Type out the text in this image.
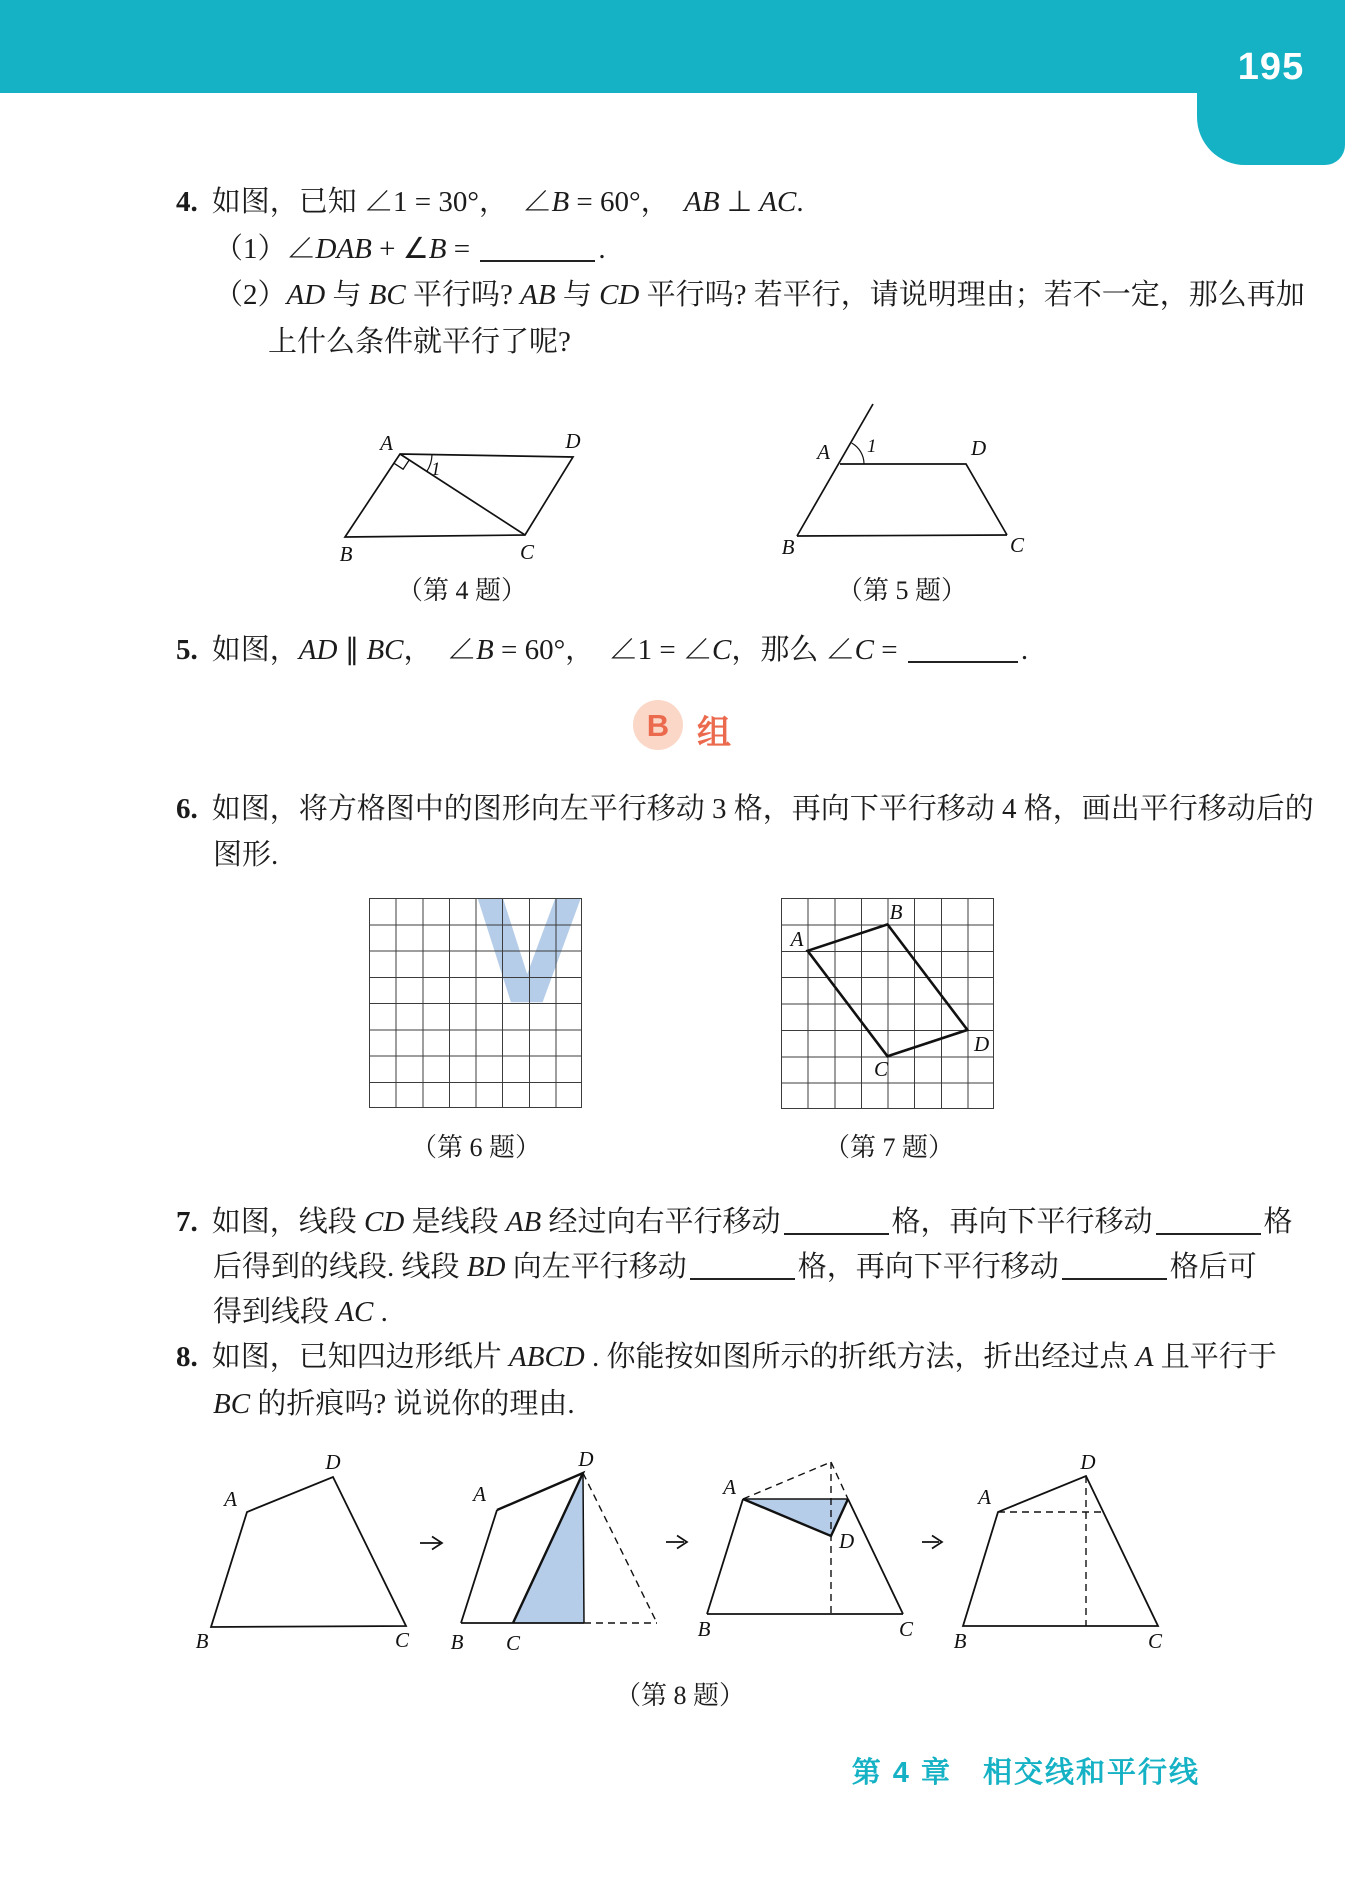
195
4. 如图，已知 ∠1 = 30°，　∠B = 60°，　AB ⊥ AC.
（1）∠DAB + ∠B =	.
（2）AD 与 BC 平行吗? AB 与 CD 平行吗? 若平行，请说明理由；若不一定，那么再加
上什么条件就平行了呢?
1
A	D
B	C
（第 4 题）
1
A	D
B	C
（第 5 题）
5. 如图，AD ∥ BC，　∠B = 60°，　∠1 = ∠C，那么 ∠C =	.
B 组
6. 如图，将方格图中的图形向左平行移动 3 格，再向下平行移动 4 格，画出平行移动后的
图形.
（第 6 题）
A
B
D
C
（第 7 题）
7. 如图，线段 CD 是线段 AB 经过向右平行移动	格，再向下平行移动	格
后得到的线段. 线段 BD 向左平行移动	格，再向下平行移动	格后可
得到线段 AC .
8. 如图，已知四边形纸片 ABCD . 你能按如图所示的折纸方法，折出经过点 A 且平行于
BC 的折痕吗? 说说你的理由.
A
D
B	C
A
D
B C
A
D
B	C
A
D
B	C
（第 8 题）
第 4 章　相交线和平行线
